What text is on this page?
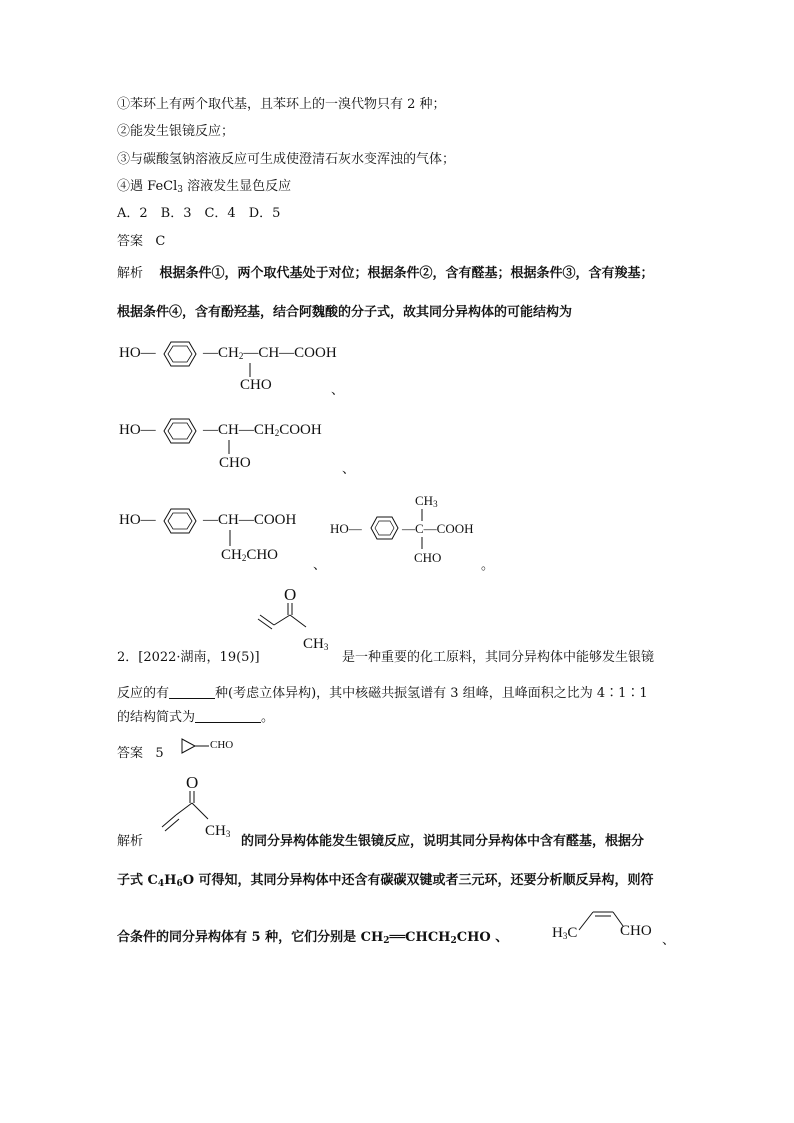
①苯环上有两个取代基，且苯环上的一溴代物只有 2 种；
②能发生银镜反应；
③与碳酸氢钠溶液反应可生成使澄清石灰水变浑浊的气体；
④遇 FeCl$_3$ 溶液发生显色反应
A．2　B．3　C．4　D．5
答案 C
解析 根据条件①，两个取代基处于对位；根据条件②，含有醛基；根据条件③，含有羧基；
根据条件④，含有酚羟基，结合阿魏酸的分子式，故其同分异构体的可能结构为
HO—	$—CH_2—CH—COOH$
CHO	、
HO—	$—CH—CH_2COOH$
CHO	、
HO—	—CH—COOH
$CH_2CHO$
、
$CH_3$
HO—	—C—COOH
CHO
。
2．[2022·湖南，19(5)]
O
$CH_3$
是一种重要的化工原料，其同分异构体中能够发生银镜
反应的有	种(考虑立体异构)，其中核磁共振氢谱有 3 组峰，且峰面积之比为 4∶1∶1
的结构简式为	。
答案 5
CHO
解析
O
$CH_3$ 的同分异构体能发生银镜反应，说明其同分异构体中含有醛基，根据分
子式 $C_4H_6O$ 可得知，其同分异构体中还含有碳碳双键或者三元环，还要分析顺反异构，则符
合条件的同分异构体有 5 种，它们分别是 $CH_2══CHCH_2CHO$ 、	$H_3C$	CHO
、
